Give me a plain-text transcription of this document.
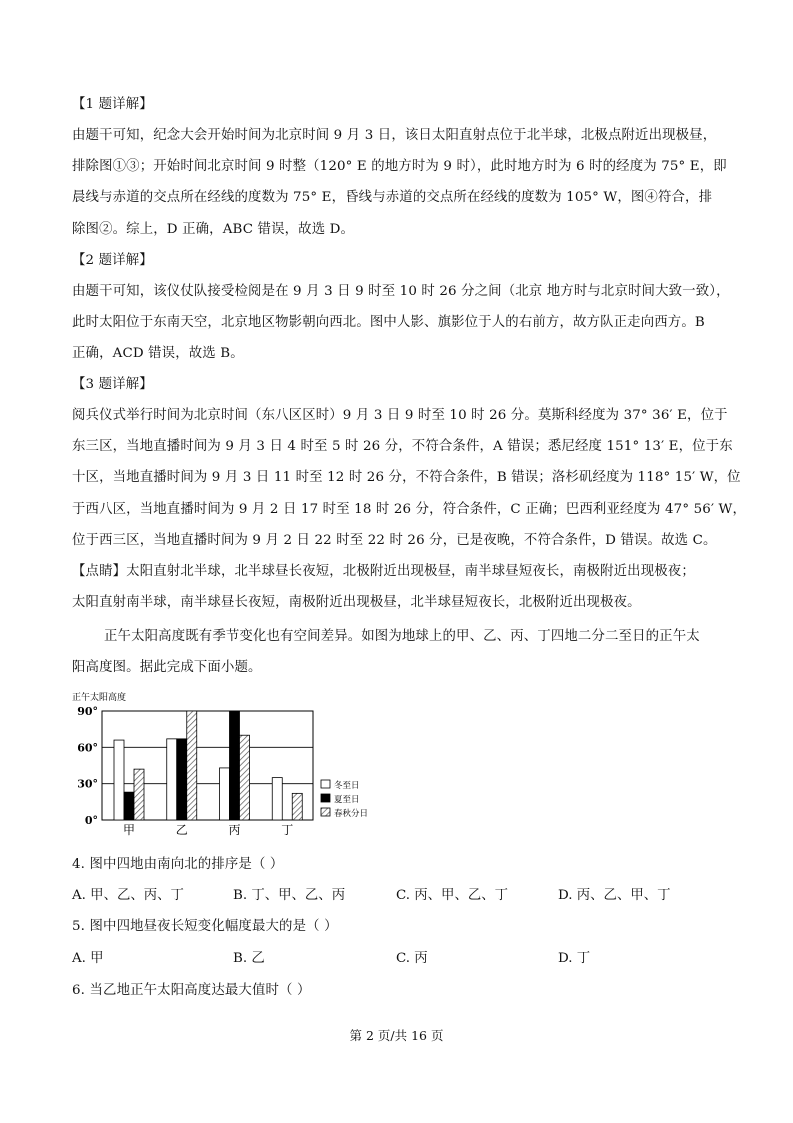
【1 题详解】
由题干可知，纪念大会开始时间为北京时间 9 月 3 日，该日太阳直射点位于北半球，北极点附近出现极昼，
排除图①③；开始时间北京时间 9 时整（120° E 的地方时为 9 时），此时地方时为 6 时的经度为 75° E，即
晨线与赤道的交点所在经线的度数为 75° E，昏线与赤道的交点所在经线的度数为 105° W，图④符合，排
除图②。综上，D 正确，ABC 错误，故选 D。
【2 题详解】
由题干可知，该仪仗队接受检阅是在 9 月 3 日 9 时至 10 时 26 分之间（北京 地方时与北京时间大致一致），
此时太阳位于东南天空，北京地区物影朝向西北。图中人影、旗影位于人的右前方，故方队正走向西方。B
正确，ACD 错误，故选 B。
【3 题详解】
阅兵仪式举行时间为北京时间（东八区区时）9 月 3 日 9 时至 10 时 26 分。莫斯科经度为 37° 36′ E，位于
东三区，当地直播时间为 9 月 3 日 4 时至 5 时 26 分，不符合条件，A 错误；悉尼经度 151° 13′ E，位于东
十区，当地直播时间为 9 月 3 日 11 时至 12 时 26 分，不符合条件，B 错误；洛杉矶经度为 118° 15′ W，位
于西八区，当地直播时间为 9 月 2 日 17 时至 18 时 26 分，符合条件，C 正确；巴西利亚经度为 47° 56′ W，
位于西三区，当地直播时间为 9 月 2 日 22 时至 22 时 26 分，已是夜晚，不符合条件，D 错误。故选 C。
【点睛】太阳直射北半球，北半球昼长夜短，北极附近出现极昼，南半球昼短夜长，南极附近出现极夜；
太阳直射南半球，南半球昼长夜短，南极附近出现极昼，北半球昼短夜长，北极附近出现极夜。
正午太阳高度既有季节变化也有空间差异。如图为地球上的甲、乙、丙、丁四地二分二至日的正午太
阳高度图。据此完成下面小题。
正午太阳高度
0°
30°
60°
90°
甲	乙	丙	丁
冬至日
夏至日
春秋分日
4. 图中四地由南向北的排序是（ ）
A. 甲、乙、丙、丁	B. 丁、甲、乙、丙	C. 丙、甲、乙、丁	D. 丙、乙、甲、丁
5. 图中四地昼夜长短变化幅度最大的是（ ）
A. 甲	B. 乙	C. 丙	D. 丁
6. 当乙地正午太阳高度达最大值时（ ）
第 2 页/共 16 页
